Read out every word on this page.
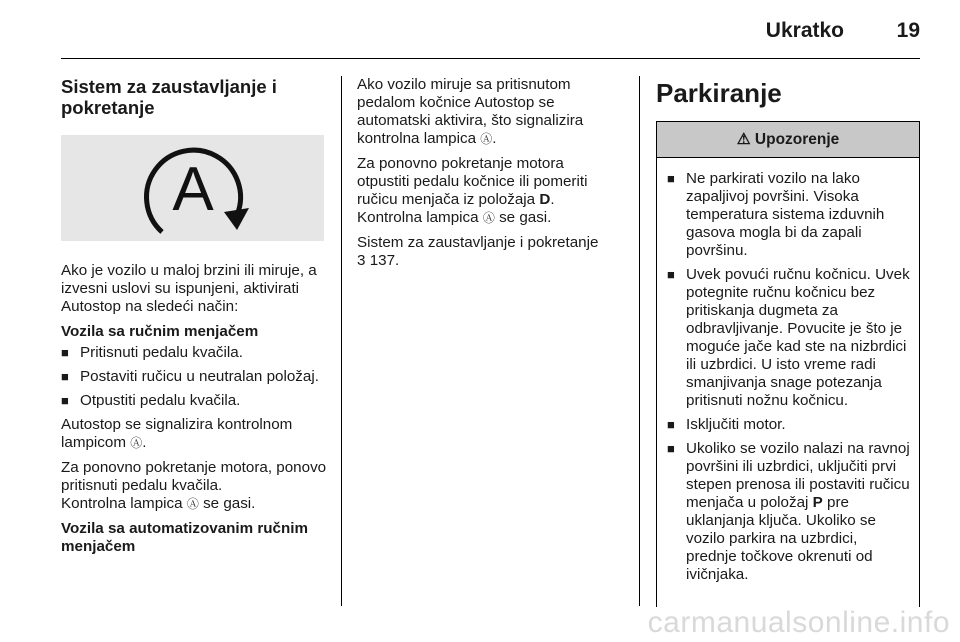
Ukratko	19
Sistem za zaustavljanje i pokretanje
A

Ako je vozilo u maloj brzini ili miruje, a izvesni uslovi su ispunjeni, aktivirati Autostop na sledeći način:

Vozila sa ručnim menjačem
■ Pritisnuti pedalu kvačila.
■ Postaviti ručicu u neutralan položaj.
■ Otpustiti pedalu kvačila.

Autostop se signalizira kontrolnom lampicom Ⓐ.

Za ponovno pokretanje motora, ponovo pritisnuti pedalu kvačila.
Kontrolna lampica Ⓐ se gasi.

Vozila sa automatizovanim ručnim menjačem

Ako vozilo miruje sa pritisnutom pedalom kočnice Autostop se automatski aktivira, što signalizira kontrolna lampica Ⓐ.

Za ponovno pokretanje motora otpustiti pedalu kočnice ili pomeriti ručicu menjača iz položaja D.
Kontrolna lampica Ⓐ se gasi.

Sistem za zaustavljanje i pokretanje
3 137.

Parkiranje
⚠ Upozorenje
■ Ne parkirati vozilo na lako zapaljivoj površini. Visoka temperatura sistema izduvnih gasova mogla bi da zapali površinu.
■ Uvek povući ručnu kočnicu. Uvek potegnite ručnu kočnicu bez pritiskanja dugmeta za odbravljivanje. Povucite je što je moguće jače kad ste na nizbrdici ili uzbrdici. U isto vreme radi smanjivanja snage potezanja pritisnuti nožnu kočnicu.
■ Isključiti motor.
■ Ukoliko se vozilo nalazi na ravnoj površini ili uzbrdici, uključiti prvi stepen prenosa ili postaviti ručicu menjača u položaj P pre uklanjanja ključa. Ukoliko se vozilo parkira na uzbrdici, prednje točkove okrenuti od ivičnjaka.
carmanualsonline.info
